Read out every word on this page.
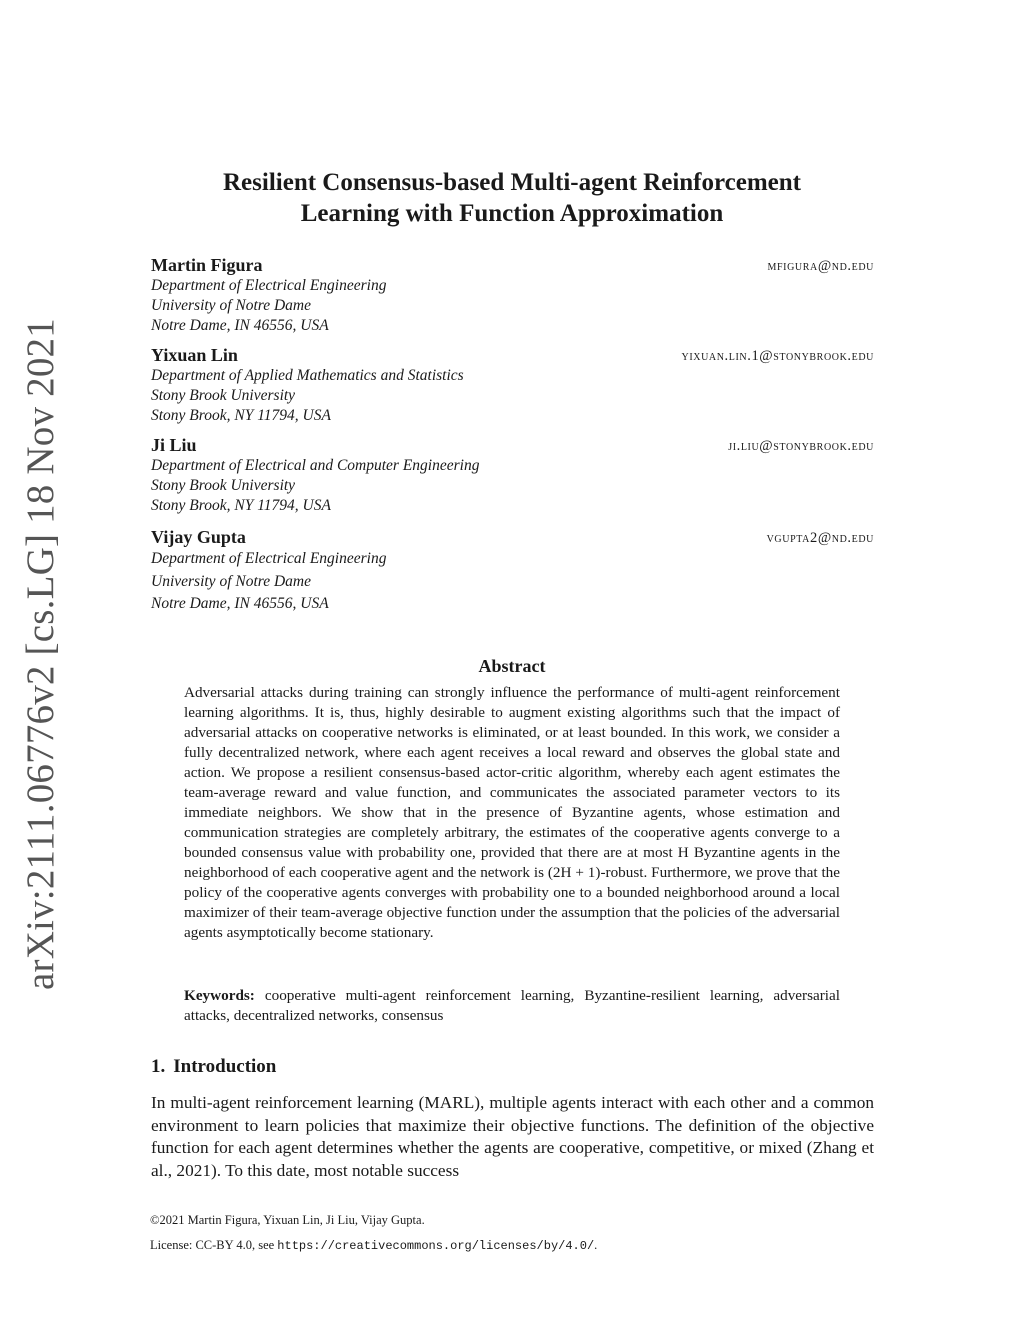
arXiv:2111.06776v2 [cs.LG] 18 Nov 2021
Resilient Consensus-based Multi-agent Reinforcement
Learning with Function Approximation
Martin Figura	mfigura@nd.edu
Department of Electrical Engineering
University of Notre Dame
Notre Dame, IN 46556, USA
Yixuan Lin	yixuan.lin.1@stonybrook.edu
Department of Applied Mathematics and Statistics
Stony Brook University
Stony Brook, NY 11794, USA
Ji Liu	ji.liu@stonybrook.edu
Department of Electrical and Computer Engineering
Stony Brook University
Stony Brook, NY 11794, USA
Vijay Gupta	vgupta2@nd.edu
Department of Electrical Engineering
University of Notre Dame
Notre Dame, IN 46556, USA
Abstract
Adversarial attacks during training can strongly influence the performance of multi-agent reinforcement learning algorithms. It is, thus, highly desirable to augment existing algorithms such that the impact of adversarial attacks on cooperative networks is eliminated, or at least bounded. In this work, we consider a fully decentralized network, where each agent receives a local reward and observes the global state and action. We propose a resilient consensus-based actor-critic algorithm, whereby each agent estimates the team-average reward and value function, and communicates the associated parameter vectors to its immediate neighbors. We show that in the presence of Byzantine agents, whose estimation and communication strategies are completely arbitrary, the estimates of the cooperative agents converge to a bounded consensus value with probability one, provided that there are at most H Byzantine agents in the neighborhood of each cooperative agent and the network is (2H + 1)-robust. Furthermore, we prove that the policy of the cooperative agents converges with probability one to a bounded neighborhood around a local maximizer of their team-average objective function under the assumption that the policies of the adversarial agents asymptotically become stationary.
Keywords: cooperative multi-agent reinforcement learning, Byzantine-resilient learning, adversarial attacks, decentralized networks, consensus
1. Introduction
In multi-agent reinforcement learning (MARL), multiple agents interact with each other and a common environment to learn policies that maximize their objective functions. The definition of the objective function for each agent determines whether the agents are cooperative, competitive, or mixed (Zhang et al., 2021). To this date, most notable success
©2021 Martin Figura, Yixuan Lin, Ji Liu, Vijay Gupta.
License: CC-BY 4.0, see https://creativecommons.org/licenses/by/4.0/.
